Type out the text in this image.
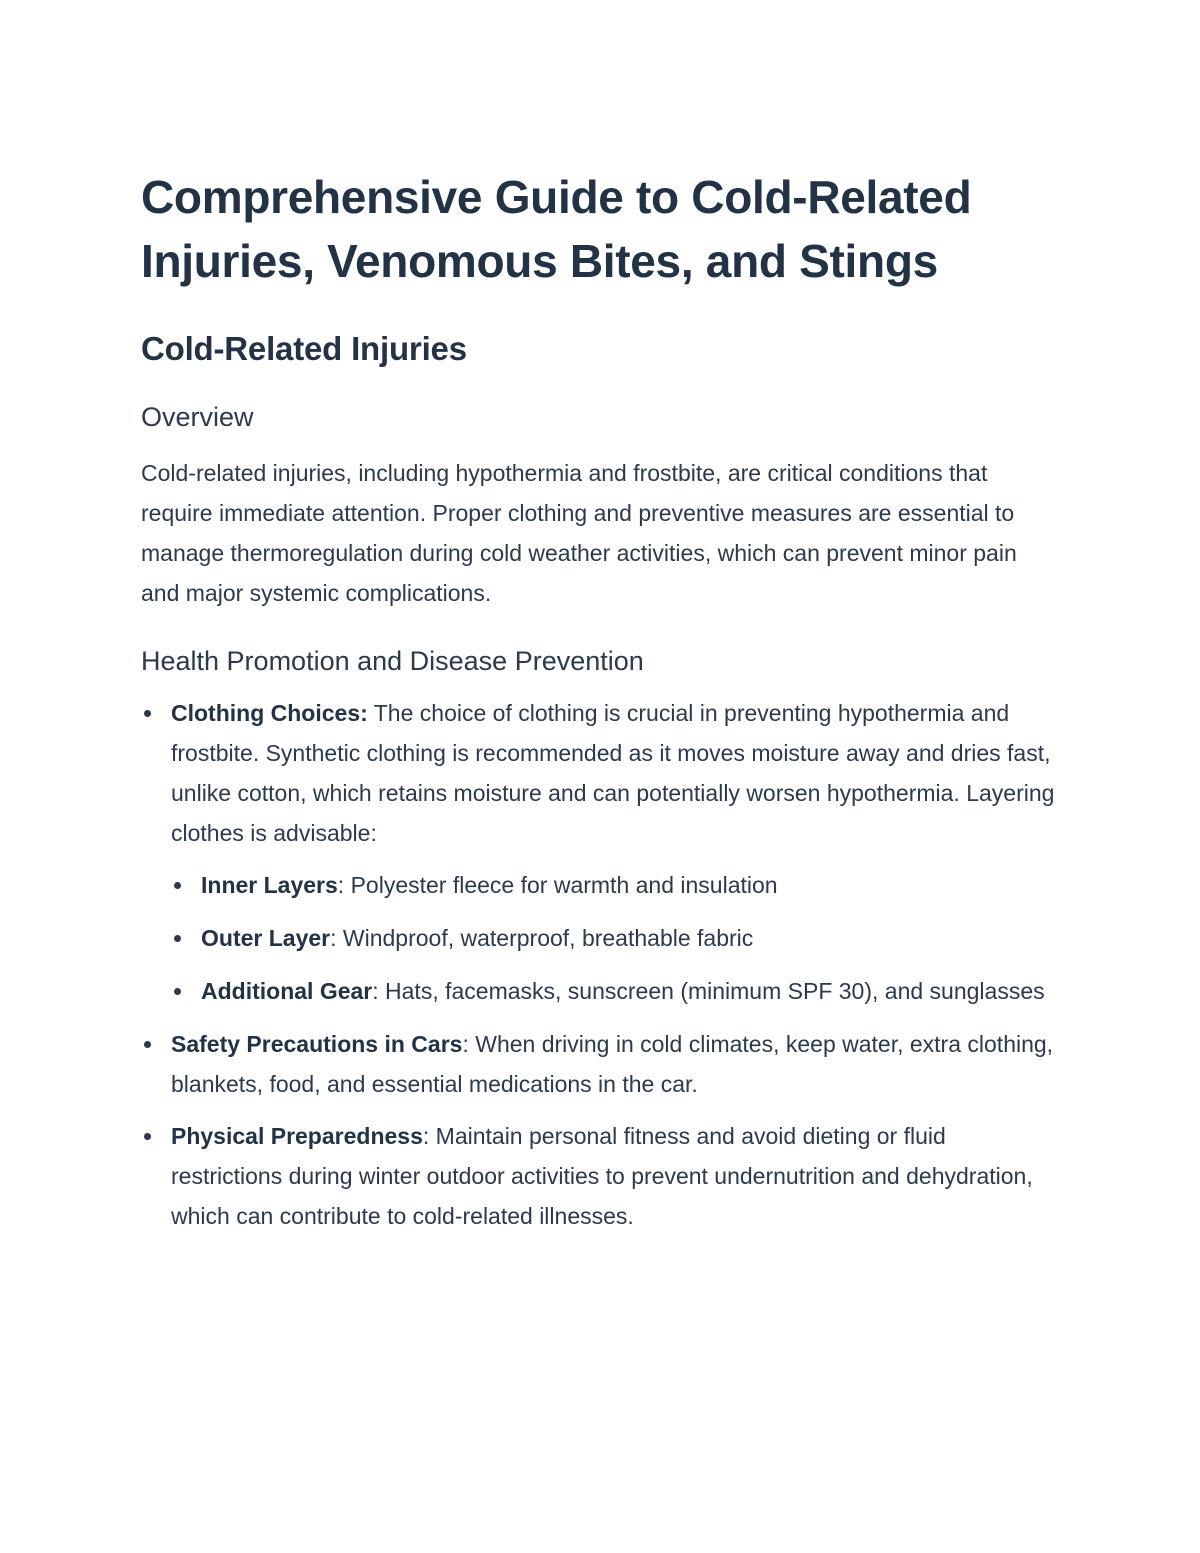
Comprehensive Guide to Cold-Related Injuries, Venomous Bites, and Stings
Cold-Related Injuries
Overview

Cold-related injuries, including hypothermia and frostbite, are critical conditions that require immediate attention. Proper clothing and preventive measures are essential to manage thermoregulation during cold weather activities, which can prevent minor pain and major systemic complications.

Health Promotion and Disease Prevention
Clothing Choices: The choice of clothing is crucial in preventing hypothermia and frostbite. Synthetic clothing is recommended as it moves moisture away and dries fast, unlike cotton, which retains moisture and can potentially worsen hypothermia. Layering clothes is advisable:
Inner Layers: Polyester fleece for warmth and insulation
Outer Layer: Windproof, waterproof, breathable fabric
Additional Gear: Hats, facemasks, sunscreen (minimum SPF 30), and sunglasses
Safety Precautions in Cars: When driving in cold climates, keep water, extra clothing, blankets, food, and essential medications in the car.
Physical Preparedness: Maintain personal fitness and avoid dieting or fluid restrictions during winter outdoor activities to prevent undernutrition and dehydration, which can contribute to cold-related illnesses.
